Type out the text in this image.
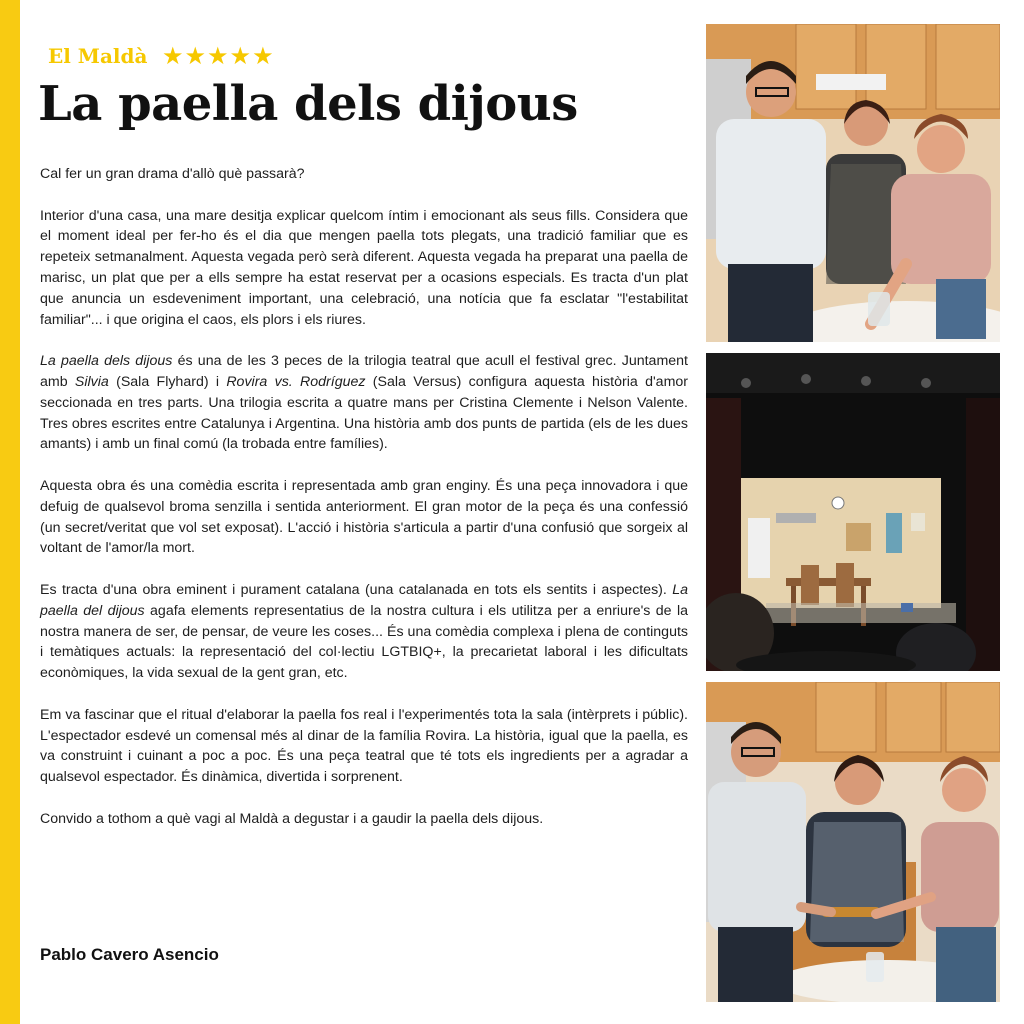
El Maldà ★★★★★
La paella dels dijous

Cal fer un gran drama d'allò què passarà?

Interior d'una casa, una mare desitja explicar quelcom íntim i emocionant als seus fills. Considera que el moment ideal per fer-ho és el dia que mengen paella tots plegats, una tradició familiar que es repeteix setmanalment. Aquesta vegada però serà diferent. Aquesta vegada ha preparat una paella de marisc, un plat que per a ells sempre ha estat reservat per a ocasions especials. Es tracta d'un plat que anuncia un esdeveniment important, una celebració, una notícia que fa esclatar "l'estabilitat familiar"... i que origina el caos, els plors i els riures.

La paella dels dijous és una de les 3 peces de la trilogia teatral que acull el festival grec. Juntament amb Silvia (Sala Flyhard) i Rovira vs. Rodríguez (Sala Versus) configura aquesta història d'amor seccionada en tres parts. Una trilogia escrita a quatre mans per Cristina Clemente i Nelson Valente. Tres obres escrites entre Catalunya i Argentina. Una història amb dos punts de partida (els de les dues amants) i amb un final comú (la trobada entre famílies).

Aquesta obra és una comèdia escrita i representada amb gran enginy. És una peça innovadora i que defuig de qualsevol broma senzilla i sentida anteriorment. El gran motor de la peça és una confessió (un secret/veritat que vol set exposat). L'acció i història s'articula a partir d'una confusió que sorgeix al voltant de l'amor/la mort.

Es tracta d'una obra eminent i purament catalana (una catalanada en tots els sentits i aspectes). La paella del dijous agafa elements representatius de la nostra cultura i els utilitza per a enriure's de la nostra manera de ser, de pensar, de veure les coses... És una comèdia complexa i plena de continguts i temàtiques actuals: la representació del col·lectiu LGTBIQ+, la precarietat laboral i les dificultats econòmiques, la vida sexual de la gent gran, etc.

Em va fascinar que el ritual d'elaborar la paella fos real i l'experimentés tota la sala (intèrprets i públic). L'espectador esdevé un comensal més al dinar de la família Rovira. La història, igual que la paella, es va construint i cuinant a poc a poc. És una peça teatral que té tots els ingredients per a agradar a qualsevol espectador. És dinàmica, divertida i sorprenent.

Convido a tothom a què vagi al Maldà a degustar i a gaudir la paella dels dijous.

Pablo Cavero Asencio
